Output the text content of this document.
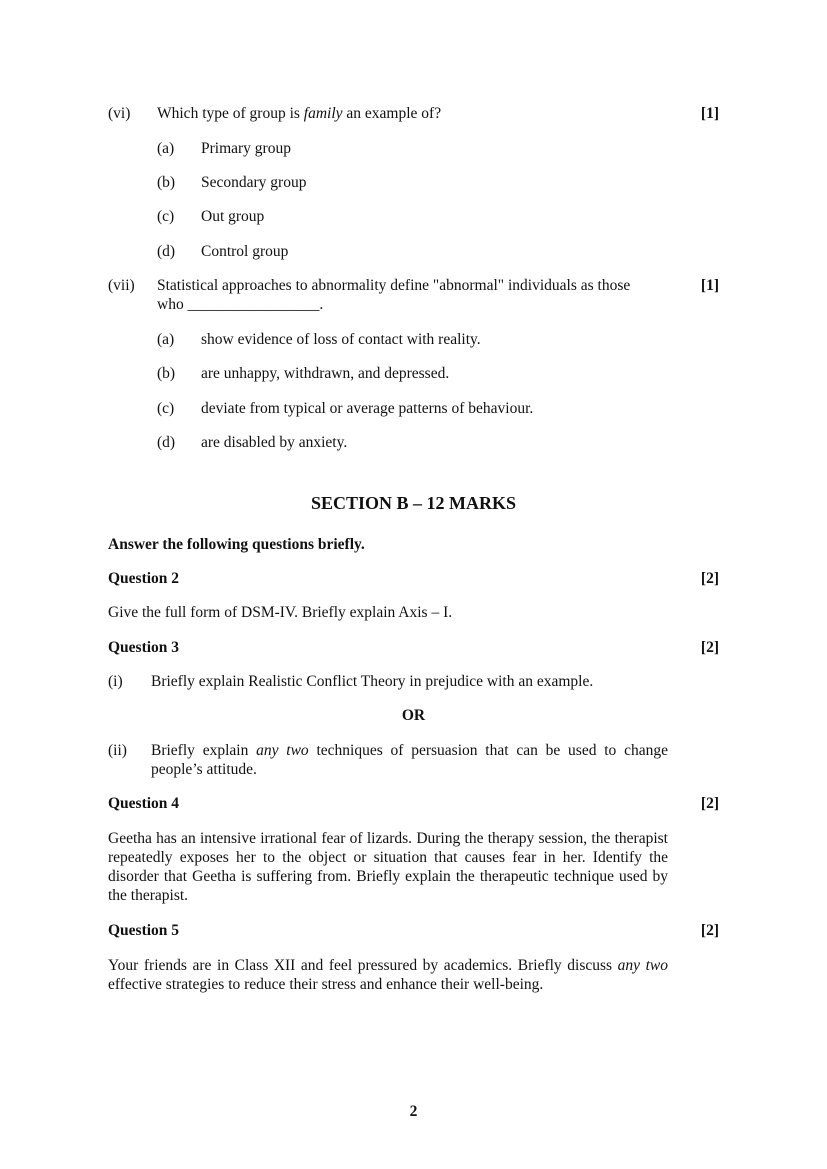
(vi) Which type of group is family an example of?	[1]
(a) Primary group
(b) Secondary group
(c) Out group
(d) Control group
(vii) Statistical approaches to abnormality define "abnormal" individuals as those
who _________________.
[1]
(a) show evidence of loss of contact with reality.
(b) are unhappy, withdrawn, and depressed.
(c) deviate from typical or average patterns of behaviour.
(d) are disabled by anxiety.
SECTION B – 12 MARKS
Answer the following questions briefly.
Question 2	[2]
Give the full form of DSM-IV. Briefly explain Axis – I.
Question 3	[2]
(i) Briefly explain Realistic Conflict Theory in prejudice with an example.
OR
(ii) Briefly explain any two techniques of persuasion that can be used to change people’s attitude.
Question 4	[2]
Geetha has an intensive irrational fear of lizards. During the therapy session, the therapist repeatedly exposes her to the object or situation that causes fear in her. Identify the disorder that Geetha is suffering from. Briefly explain the therapeutic technique used by the therapist.
Question 5	[2]
Your friends are in Class XII and feel pressured by academics. Briefly discuss any two effective strategies to reduce their stress and enhance their well-being.
2
